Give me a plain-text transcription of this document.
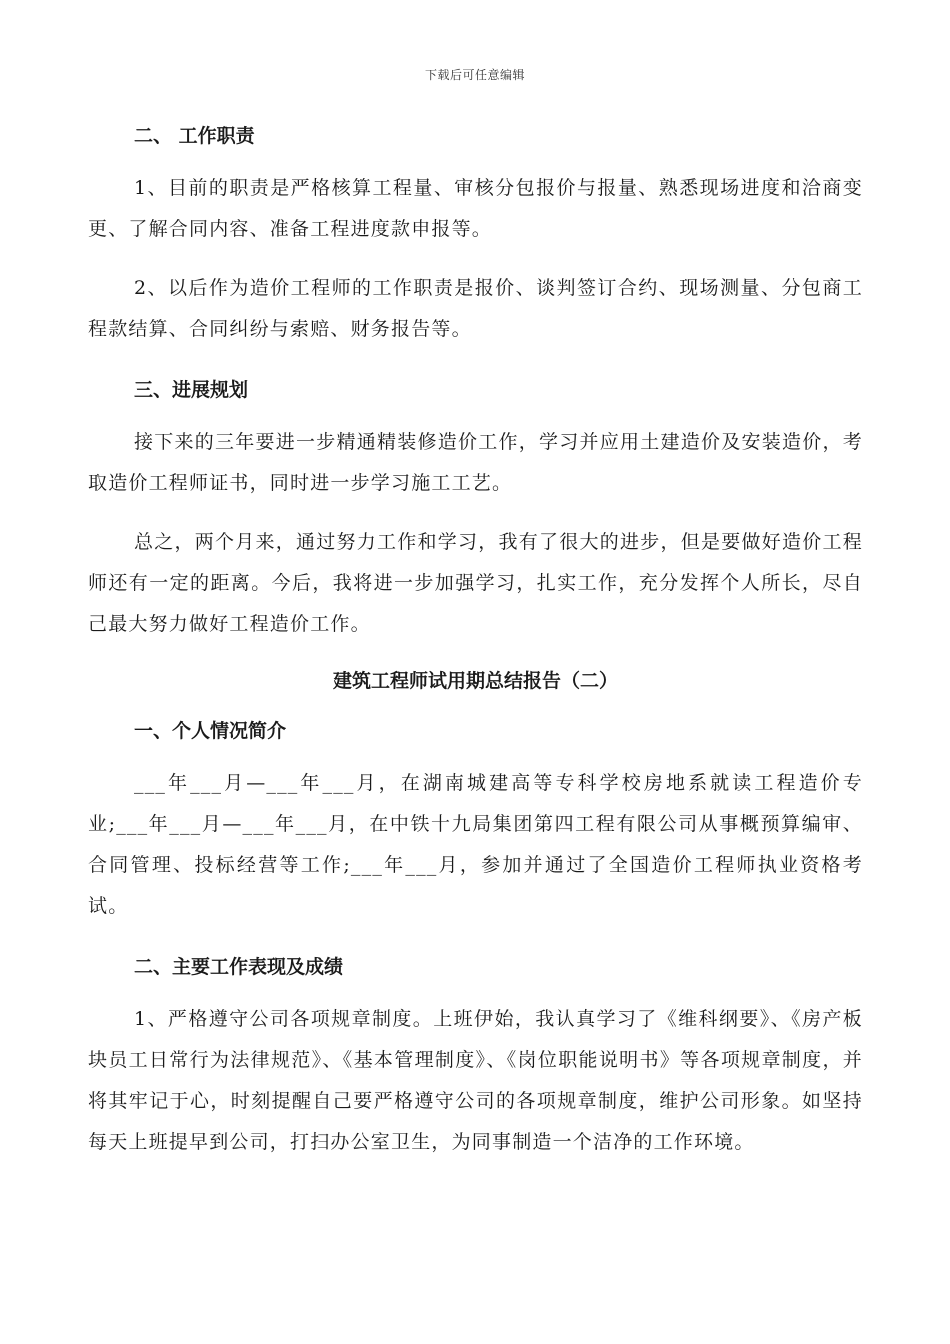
下载后可任意编辑

二、 工作职责

1、目前的职责是严格核算工程量、审核分包报价与报量、熟悉现场进度和洽商变更、了解合同内容、准备工程进度款申报等。

2、以后作为造价工程师的工作职责是报价、谈判签订合约、现场测量、分包商工程款结算、合同纠纷与索赔、财务报告等。

三、进展规划

接下来的三年要进一步精通精装修造价工作，学习并应用土建造价及安装造价，考取造价工程师证书，同时进一步学习施工工艺。

总之，两个月来，通过努力工作和学习，我有了很大的进步，但是要做好造价工程师还有一定的距离。今后，我将进一步加强学习，扎实工作，充分发挥个人所长，尽自己最大努力做好工程造价工作。

建筑工程师试用期总结报告（二）

一、个人情况简介

___年___月—___年___月，在湖南城建高等专科学校房地系就读工程造价专业;___年___月—___年___月，在中铁十九局集团第四工程有限公司从事概预算编审、合同管理、投标经营等工作;___年___月，参加并通过了全国造价工程师执业资格考试。

二、主要工作表现及成绩

1、严格遵守公司各项规章制度。上班伊始，我认真学习了《维科纲要》、《房产板块员工日常行为法律规范》、《基本管理制度》、《岗位职能说明书》等各项规章制度，并将其牢记于心，时刻提醒自己要严格遵守公司的各项规章制度，维护公司形象。如坚持每天上班提早到公司，打扫办公室卫生，为同事制造一个洁净的工作环境。
